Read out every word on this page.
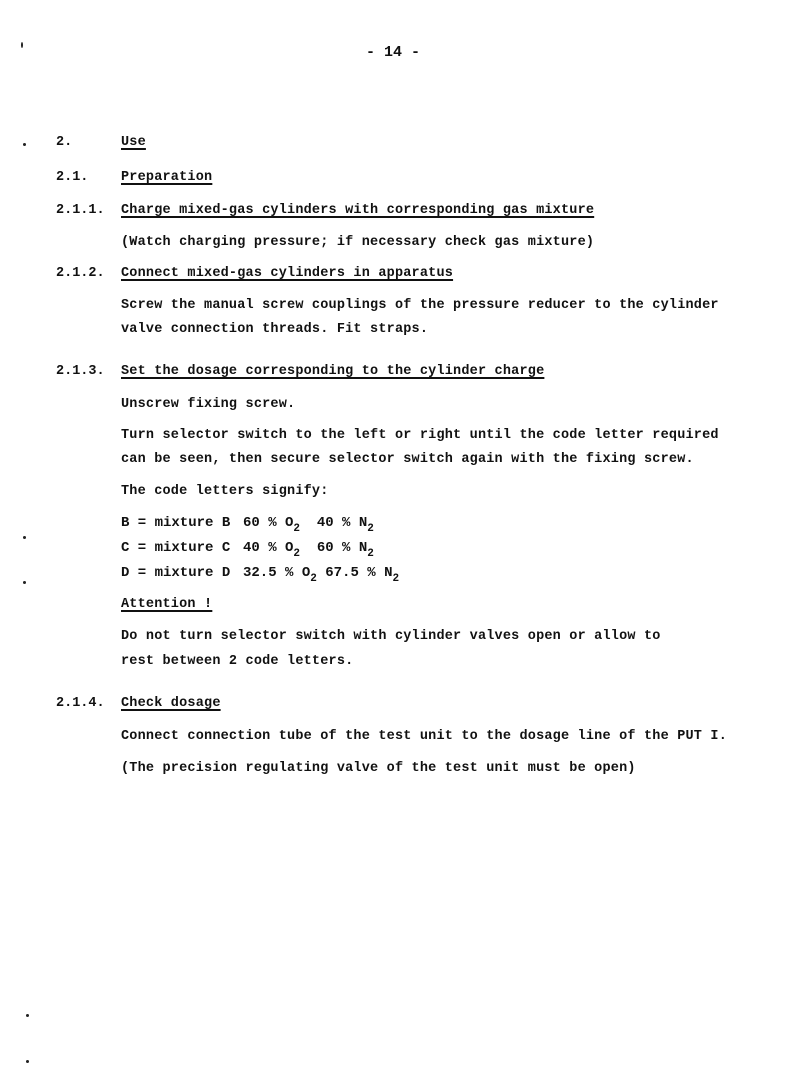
- 14 -
2.	Use
2.1. Preparation
2.1.1. Charge mixed-gas cylinders with corresponding gas mixture
(Watch charging pressure; if necessary check gas mixture)
2.1.2. Connect mixed-gas cylinders in apparatus
Screw the manual screw couplings of the pressure reducer to the cylinder
valve connection threads. Fit straps.
2.1.3. Set the dosage corresponding to the cylinder charge
Unscrew fixing screw.
Turn selector switch to the left or right until the code letter required
can be seen, then secure selector switch again with the fixing screw.
The code letters signify:
B = mixture B 60 % $O_2$ 40 % $N_2$
C = mixture C 40 % $O_2$ 60 % $N_2$
D = mixture D 32.5 % $O_2$ 67.5 % $N_2$
Attention !
Do not turn selector switch with cylinder valves open or allow to
rest between 2 code letters.
2.1.4. Check dosage
Connect connection tube of the test unit to the dosage line of the PUT I.
(The precision regulating valve of the test unit must be open)
